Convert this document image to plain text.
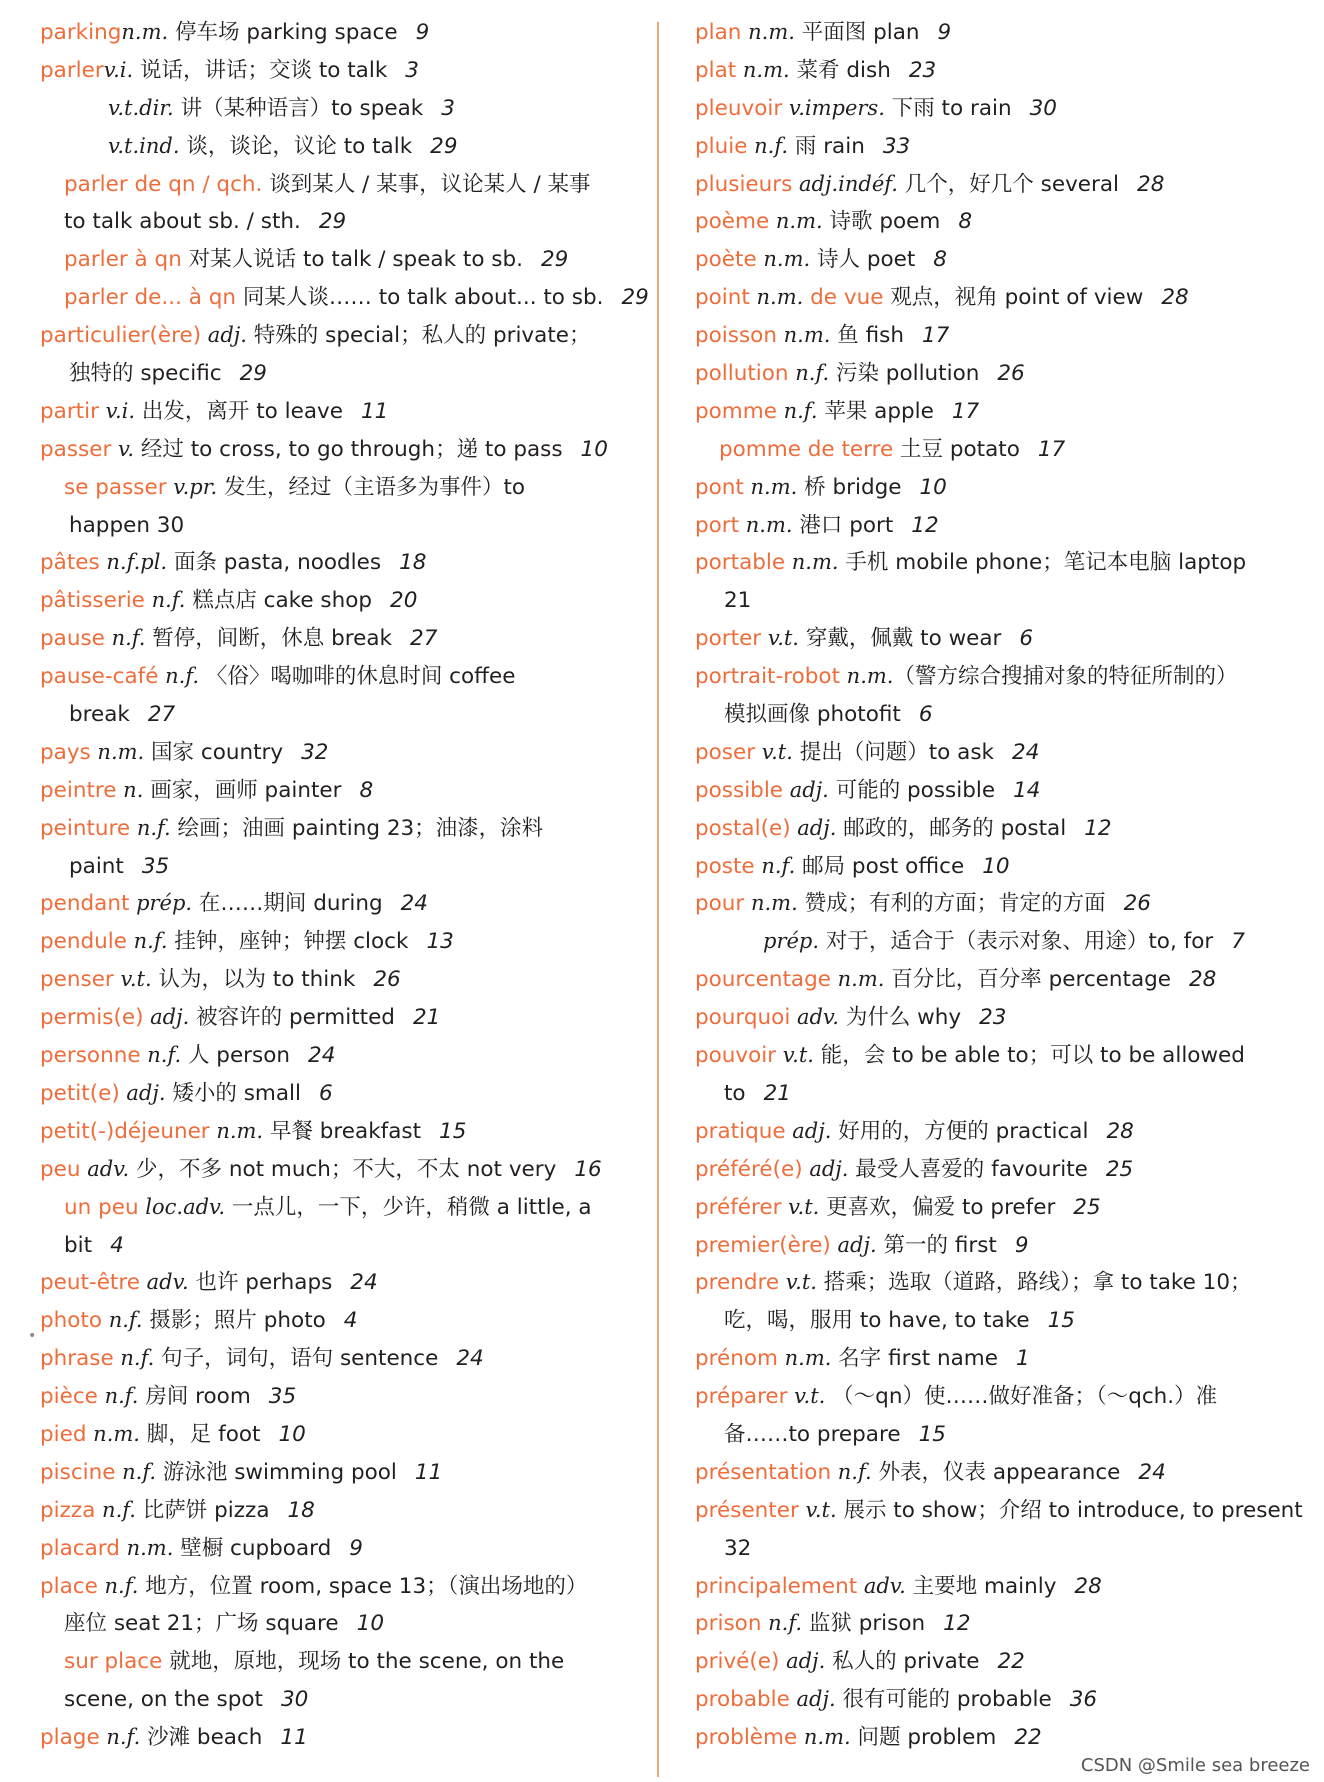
parkingn.m. 停车场 parking space 9
parlerv.i. 说话，讲话；交谈 to talk 3
v.t.dir. 讲（某种语言）to speak 3
v.t.ind. 谈，谈论，议论 to talk 29
parler de qn / qch. 谈到某人 / 某事，议论某人 / 某事
to talk about sb. / sth. 29
parler à qn 对某人说话 to talk / speak to sb. 29
parler de... à qn 同某人谈…… to talk about... to sb. 29
particulier(ère) adj. 特殊的 special；私人的 private；
独特的 specific 29
partir v.i. 出发，离开 to leave 11
passer v. 经过 to cross, to go through；递 to pass 10
se passer v.pr. 发生，经过（主语多为事件）to
happen 30
pâtes n.f.pl. 面条 pasta, noodles 18
pâtisserie n.f. 糕点店 cake shop 20
pause n.f. 暂停，间断，休息 break 27
pause-café n.f. 〈俗〉喝咖啡的休息时间 coffee
break 27
pays n.m. 国家 country 32
peintre n. 画家，画师 painter 8
peinture n.f. 绘画；油画 painting 23；油漆，涂料
paint 35
pendant prép. 在……期间 during 24
pendule n.f. 挂钟，座钟；钟摆 clock 13
penser v.t. 认为，以为 to think 26
permis(e) adj. 被容许的 permitted 21
personne n.f. 人 person 24
petit(e) adj. 矮小的 small 6
petit(-)déjeuner n.m. 早餐 breakfast 15
peu adv. 少，不多 not much；不大，不太 not very 16
un peu loc.adv. 一点儿，一下，少许，稍微 a little, a
bit 4
peut-être adv. 也许 perhaps 24
photo n.f. 摄影；照片 photo 4
phrase n.f. 句子，词句，语句 sentence 24
pièce n.f. 房间 room 35
pied n.m. 脚，足 foot 10
piscine n.f. 游泳池 swimming pool 11
pizza n.f. 比萨饼 pizza 18
placard n.m. 壁橱 cupboard 9
place n.f. 地方，位置 room, space 13；（演出场地的）
座位 seat 21；广场 square 10
sur place 就地，原地，现场 to the scene, on the
scene, on the spot 30
plage n.f. 沙滩 beach 11
plan n.m. 平面图 plan 9
plat n.m. 菜肴 dish 23
pleuvoir v.impers. 下雨 to rain 30
pluie n.f. 雨 rain 33
plusieurs adj.indéf. 几个，好几个 several 28
poème n.m. 诗歌 poem 8
poète n.m. 诗人 poet 8
point n.m. de vue 观点，视角 point of view 28
poisson n.m. 鱼 fish 17
pollution n.f. 污染 pollution 26
pomme n.f. 苹果 apple 17
pomme de terre 土豆 potato 17
pont n.m. 桥 bridge 10
port n.m. 港口 port 12
portable n.m. 手机 mobile phone；笔记本电脑 laptop
21
porter v.t. 穿戴，佩戴 to wear 6
portrait-robot n.m.（警方综合搜捕对象的特征所制的）
模拟画像 photofit 6
poser v.t. 提出（问题）to ask 24
possible adj. 可能的 possible 14
postal(e) adj. 邮政的，邮务的 postal 12
poste n.f. 邮局 post office 10
pour n.m. 赞成；有利的方面；肯定的方面 26
prép. 对于，适合于（表示对象、用途）to, for 7
pourcentage n.m. 百分比，百分率 percentage 28
pourquoi adv. 为什么 why 23
pouvoir v.t. 能，会 to be able to；可以 to be allowed
to 21
pratique adj. 好用的，方便的 practical 28
préféré(e) adj. 最受人喜爱的 favourite 25
préférer v.t. 更喜欢，偏爱 to prefer 25
premier(ère) adj. 第一的 first 9
prendre v.t. 搭乘；选取（道路，路线）；拿 to take 10；
吃，喝，服用 to have, to take 15
prénom n.m. 名字 first name 1
préparer v.t. （～qn）使……做好准备；（～qch.）准
备……to prepare 15
présentation n.f. 外表，仪表 appearance 24
présenter v.t. 展示 to show；介绍 to introduce, to present
32
principalement adv. 主要地 mainly 28
prison n.f. 监狱 prison 12
privé(e) adj. 私人的 private 22
probable adj. 很有可能的 probable 36
problème n.m. 问题 problem 22
•
CSDN @Smile sea breeze
